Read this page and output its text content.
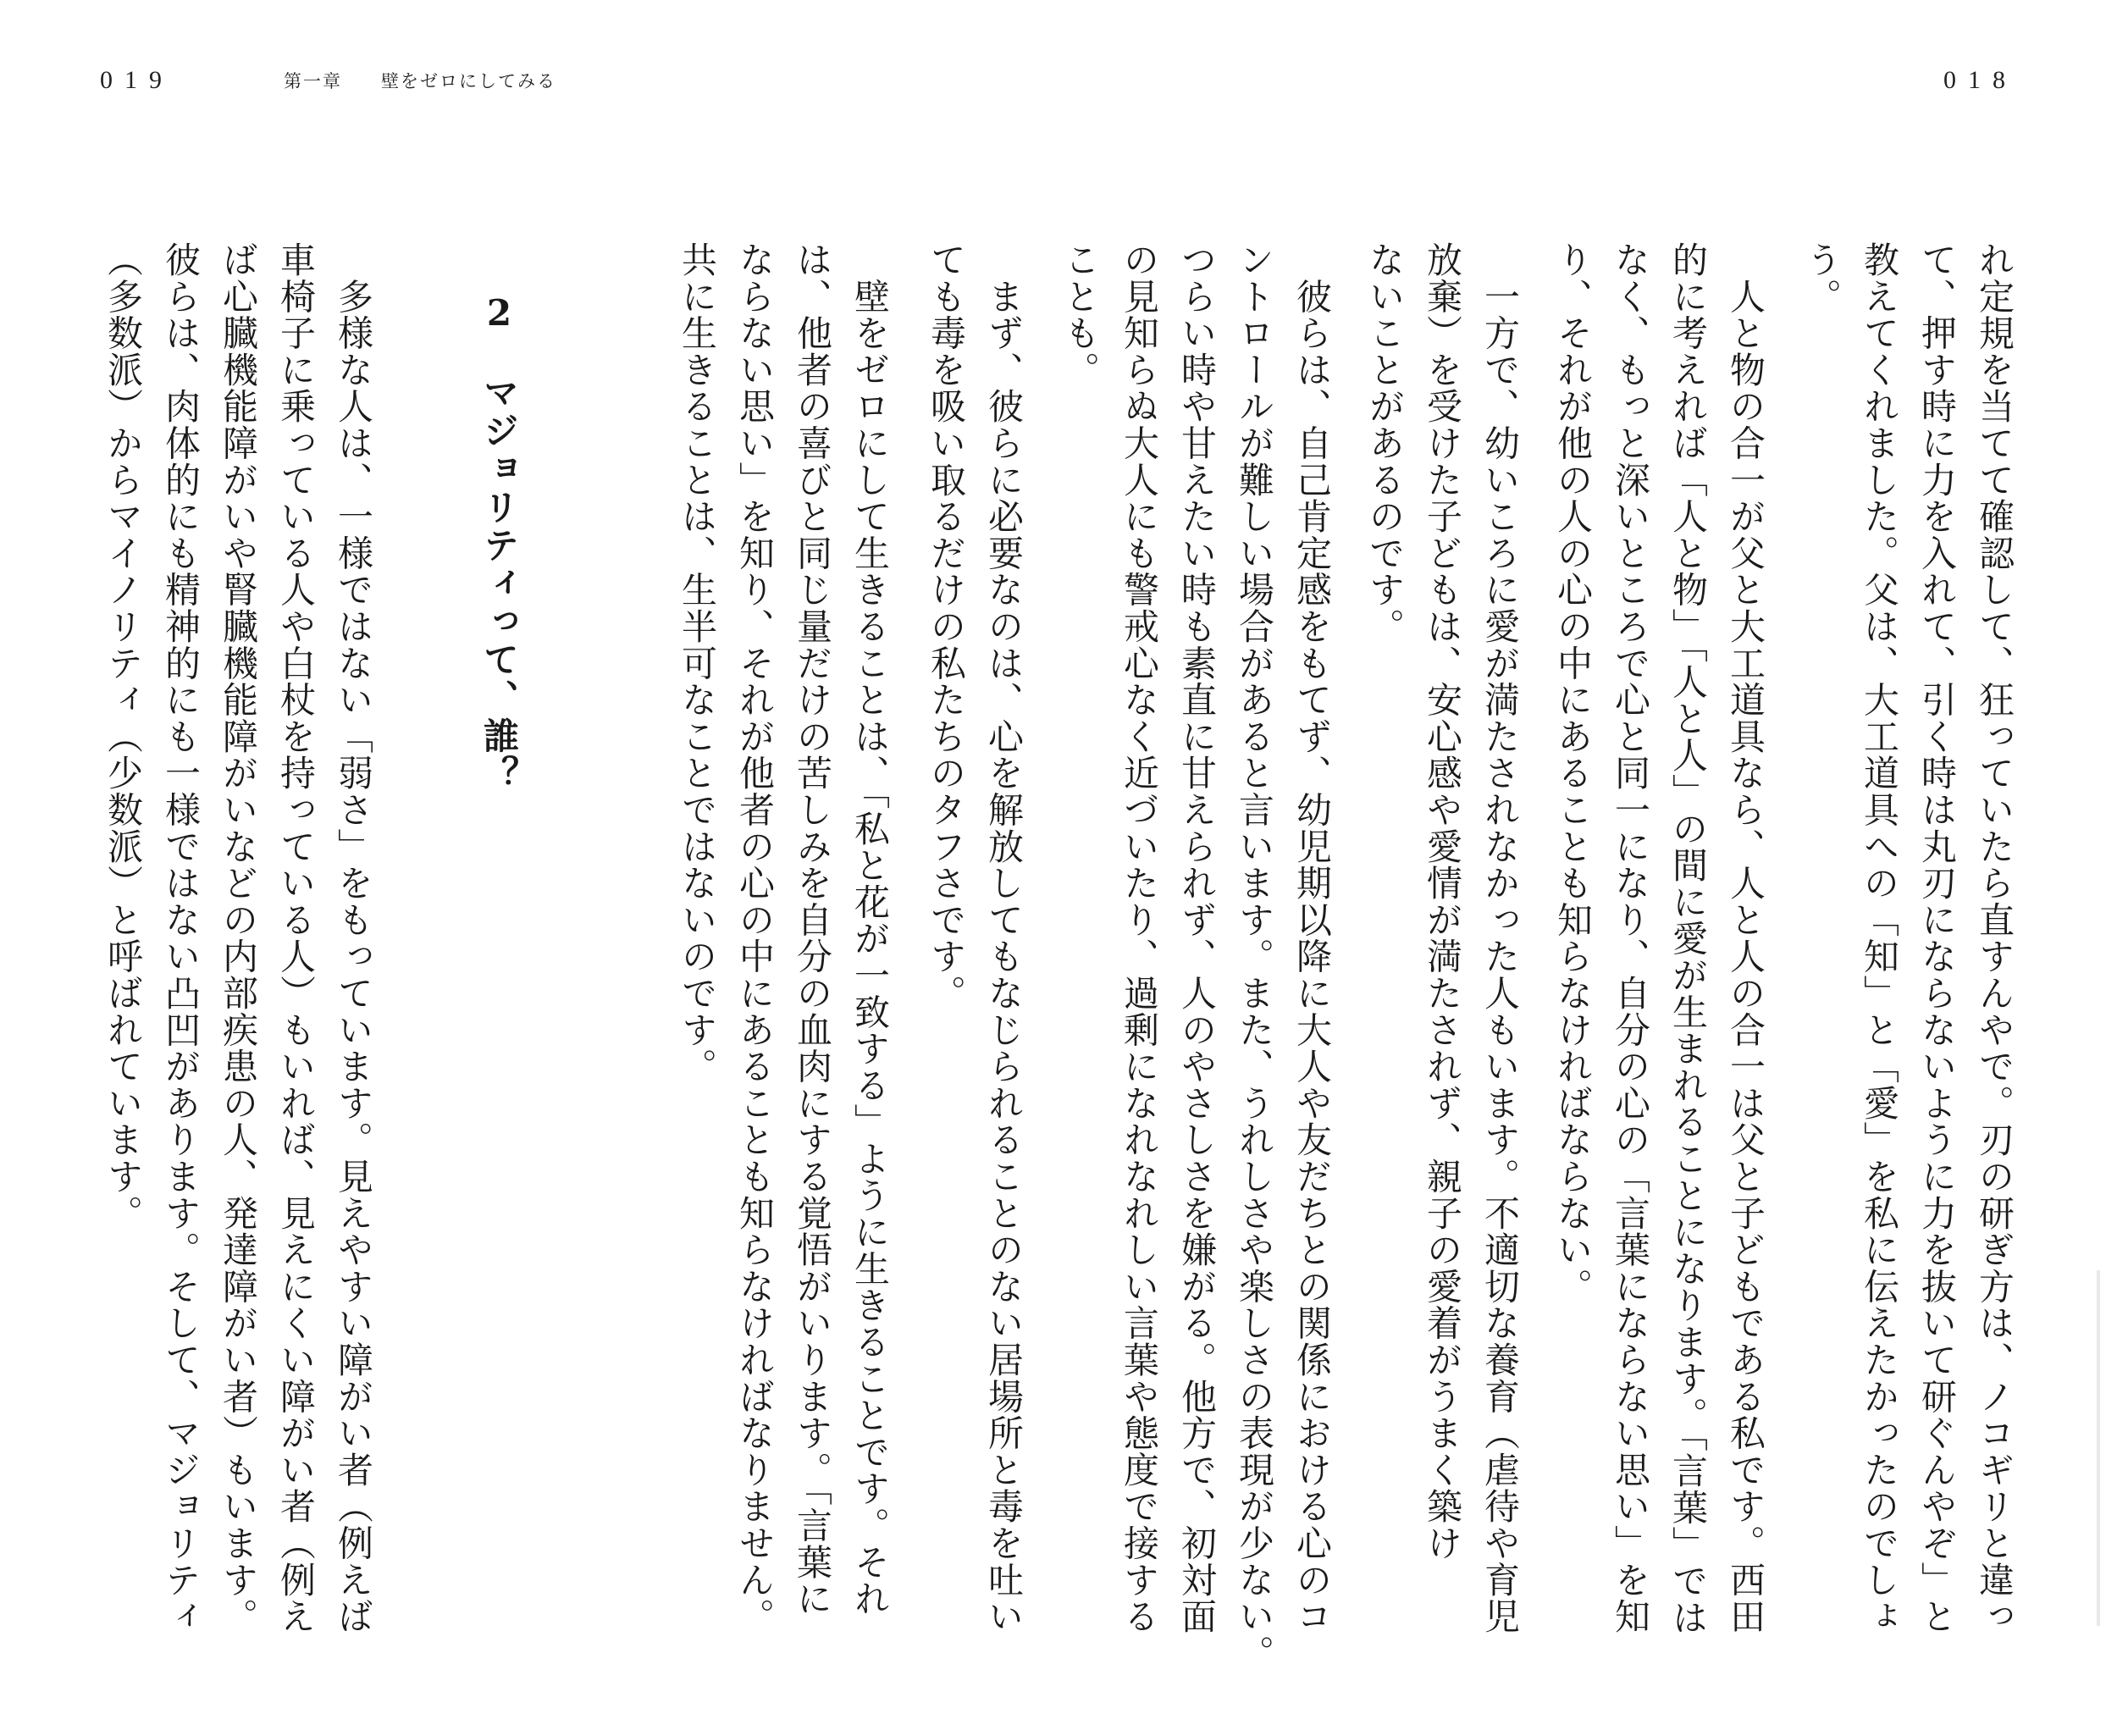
019	第一章　　壁をゼロにしてみる	018
れ定規を当てて確認して、狂っていたら直すんやで。刃の研ぎ方は、ノコギリと違っ
て、押す時に力を入れて、引く時は丸刃にならないように力を抜いて研ぐんやぞ」と
教えてくれました。父は、大工道具への「知」と「愛」を私に伝えたかったのでしょ
う。
　人と物の合一が父と大工道具なら、人と人の合一は父と子どもである私です。西田
的に考えれば「人と物」「人と人」の間に愛が生まれることになります。「言葉」では
なく、もっと深いところで心と同一になり、自分の心の「言葉にならない思い」を知
り、それが他の人の心の中にあることも知らなければならない。
　一方で、幼いころに愛が満たされなかった人もいます。不適切な養育（虐待や育児
放棄）を受けた子どもは、安心感や愛情が満たされず、親子の愛着がうまく築け
ないことがあるのです。
　彼らは、自己肯定感をもてず、幼児期以降に大人や友だちとの関係における心のコ
ントロールが難しい場合があると言います。また、うれしさや楽しさの表現が少ない。
つらい時や甘えたい時も素直に甘えられず、人のやさしさを嫌がる。他方で、初対面
の見知らぬ大人にも警戒心なく近づいたり、過剰になれなれしい言葉や態度で接する
ことも。
　まず、彼らに必要なのは、心を解放してもなじられることのない居場所と毒を吐い
ても毒を吸い取るだけの私たちのタフさです。
　壁をゼロにして生きることは、「私と花が一致する」ように生きることです。それ
は、他者の喜びと同じ量だけの苦しみを自分の血肉にする覚悟がいります。「言葉に
ならない思い」を知り、それが他者の心の中にあることも知らなければなりません。
共に生きることは、生半可なことではないのです。
2　マジョリティって、誰？
　多様な人は、一様ではない「弱さ」をもっています。見えやすい障がい者（例えば
車椅子に乗っている人や白杖を持っている人）もいれば、見えにくい障がい者（例え
ば心臓機能障がいや腎臓機能障がいなどの内部疾患の人、発達障がい者）もいます。
彼らは、肉体的にも精神的にも一様ではない凸凹があります。そして、マジョリティ
（多数派）からマイノリティ（少数派）と呼ばれています。
